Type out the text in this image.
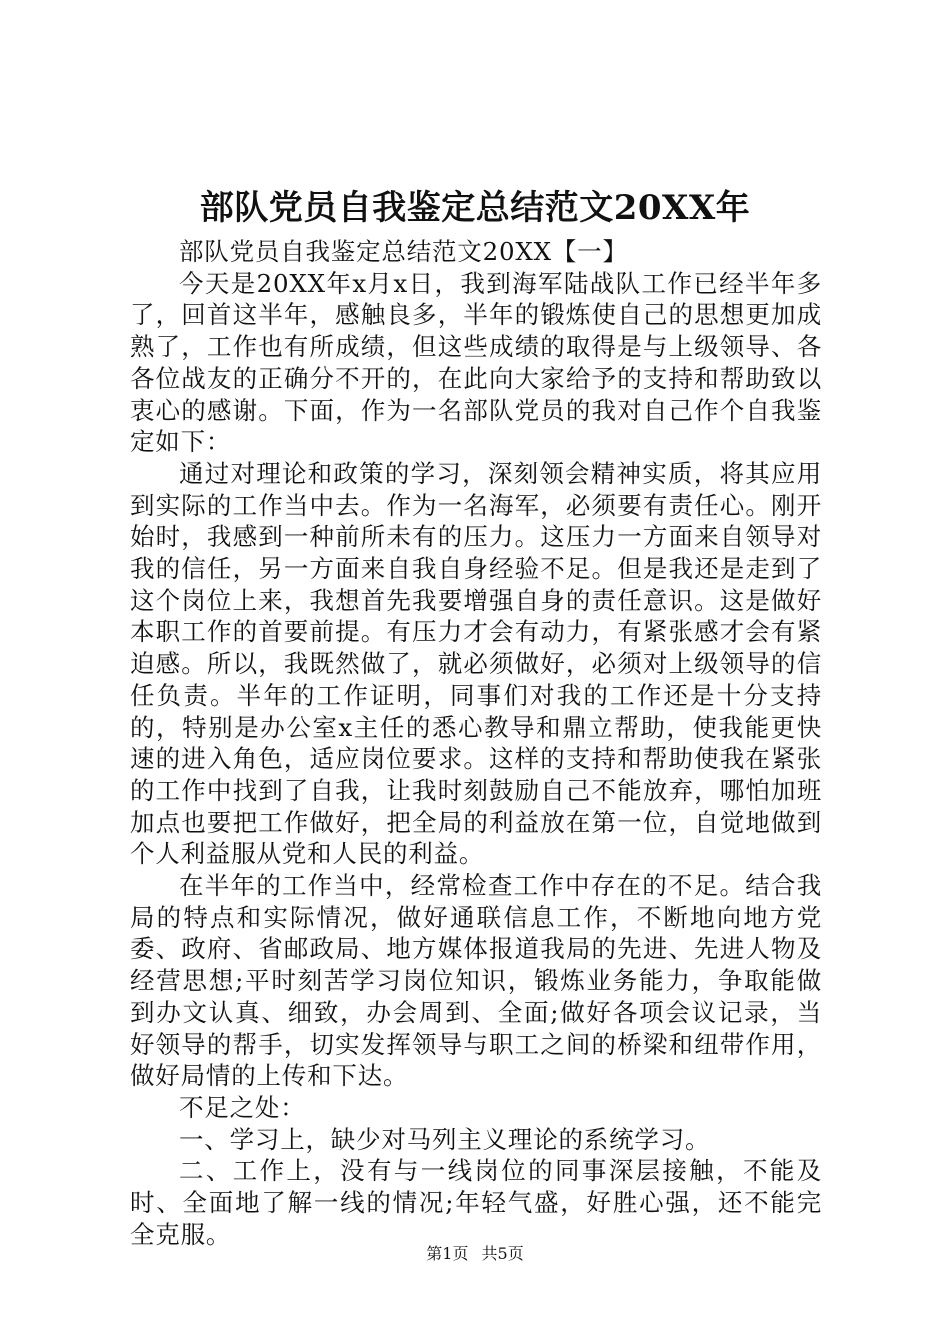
部队党员自我鉴定总结范文20XX年

部队党员自我鉴定总结范文20XX【一】

今天是20XX年x月x日，我到海军陆战队工作已经半年多了，回首这半年，感触良多，半年的锻炼使自己的思想更加成熟了，工作也有所成绩，但这些成绩的取得是与上级领导、各各位战友的正确分不开的，在此向大家给予的支持和帮助致以衷心的感谢。下面，作为一名部队党员的我对自己作个自我鉴定如下：

通过对理论和政策的学习，深刻领会精神实质，将其应用到实际的工作当中去。作为一名海军，必须要有责任心。刚开始时，我感到一种前所未有的压力。这压力一方面来自领导对我的信任，另一方面来自我自身经验不足。但是我还是走到了这个岗位上来，我想首先我要增强自身的责任意识。这是做好本职工作的首要前提。有压力才会有动力，有紧张感才会有紧迫感。所以，我既然做了，就必须做好，必须对上级领导的信任负责。半年的工作证明，同事们对我的工作还是十分支持的，特别是办公室x主任的悉心教导和鼎立帮助，使我能更快速的进入角色，适应岗位要求。这样的支持和帮助使我在紧张的工作中找到了自我，让我时刻鼓励自己不能放弃，哪怕加班加点也要把工作做好，把全局的利益放在第一位，自觉地做到个人利益服从党和人民的利益。

在半年的工作当中，经常检查工作中存在的不足。结合我局的特点和实际情况，做好通联信息工作，不断地向地方党委、政府、省邮政局、地方媒体报道我局的先进、先进人物及经营思想;平时刻苦学习岗位知识，锻炼业务能力，争取能做到办文认真、细致，办会周到、全面;做好各项会议记录，当好领导的帮手，切实发挥领导与职工之间的桥梁和纽带作用，做好局情的上传和下达。

不足之处：

一、学习上，缺少对马列主义理论的系统学习。

二、工作上，没有与一线岗位的同事深层接触，不能及时、全面地了解一线的情况;年轻气盛，好胜心强，还不能完全克服。

第1页 共5页
